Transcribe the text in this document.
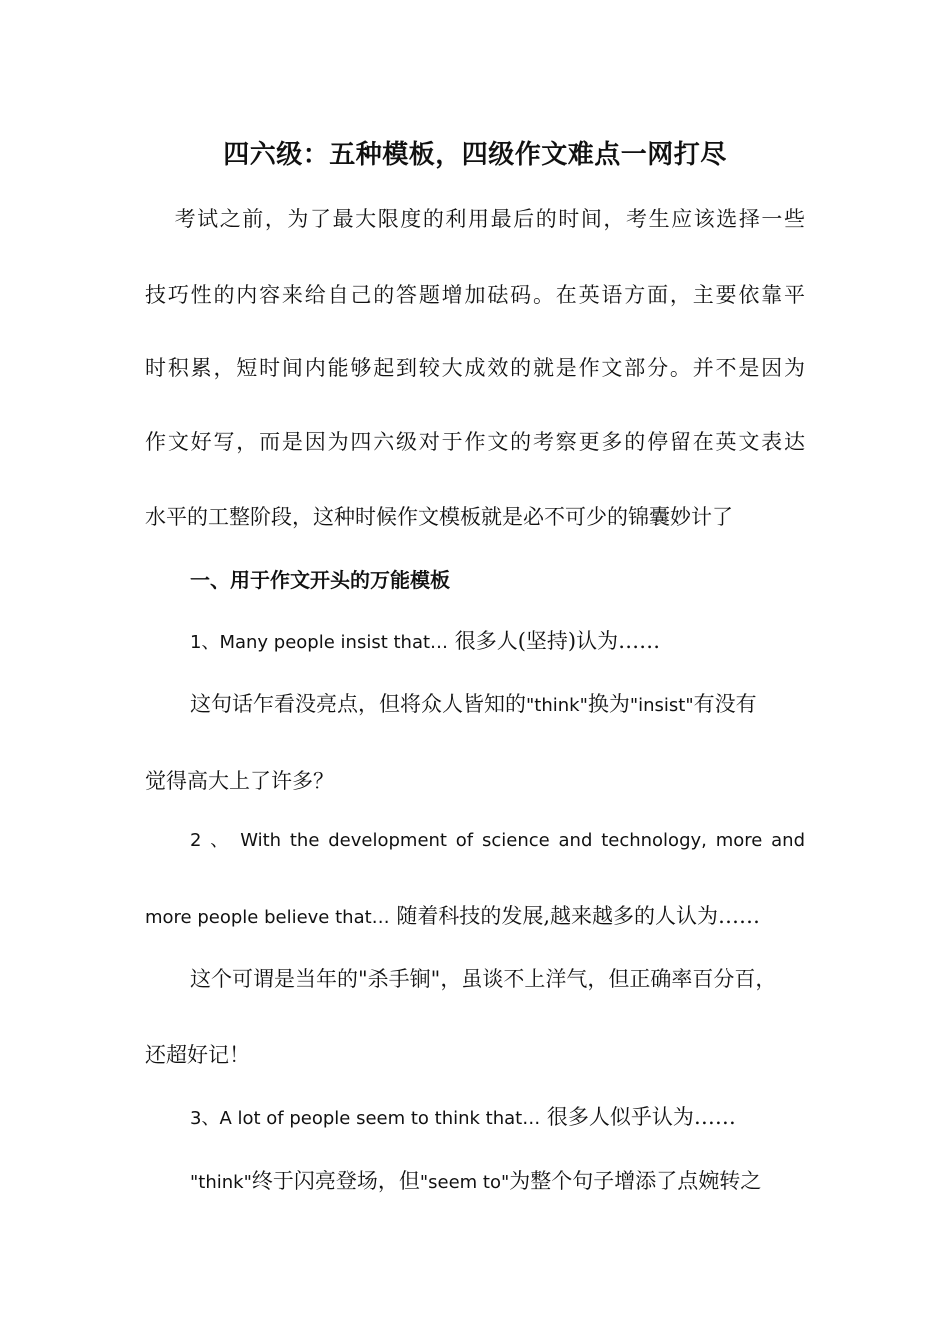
四六级：五种模板，四级作文难点一网打尽
考试之前，为了最大限度的利用最后的时间，考生应该选择一些
技巧性的内容来给自己的答题增加砝码。在英语方面，主要依靠平
时积累，短时间内能够起到较大成效的就是作文部分。并不是因为
作文好写，而是因为四六级对于作文的考察更多的停留在英文表达
水平的工整阶段，这种时候作文模板就是必不可少的锦囊妙计了
一、用于作文开头的万能模板
1、Many people insist that… 很多人(坚持)认为……
这句话乍看没亮点，但将众人皆知的"think"换为"insist"有没有
觉得高大上了许多？
2 、 With the development of science and technology, more and
more people believe that… 随着科技的发展,越来越多的人认为……
这个可谓是当年的"杀手锏"，虽谈不上洋气，但正确率百分百，
还超好记！
3、A lot of people seem to think that… 很多人似乎认为……
"think"终于闪亮登场，但"seem to"为整个句子增添了点婉转之
